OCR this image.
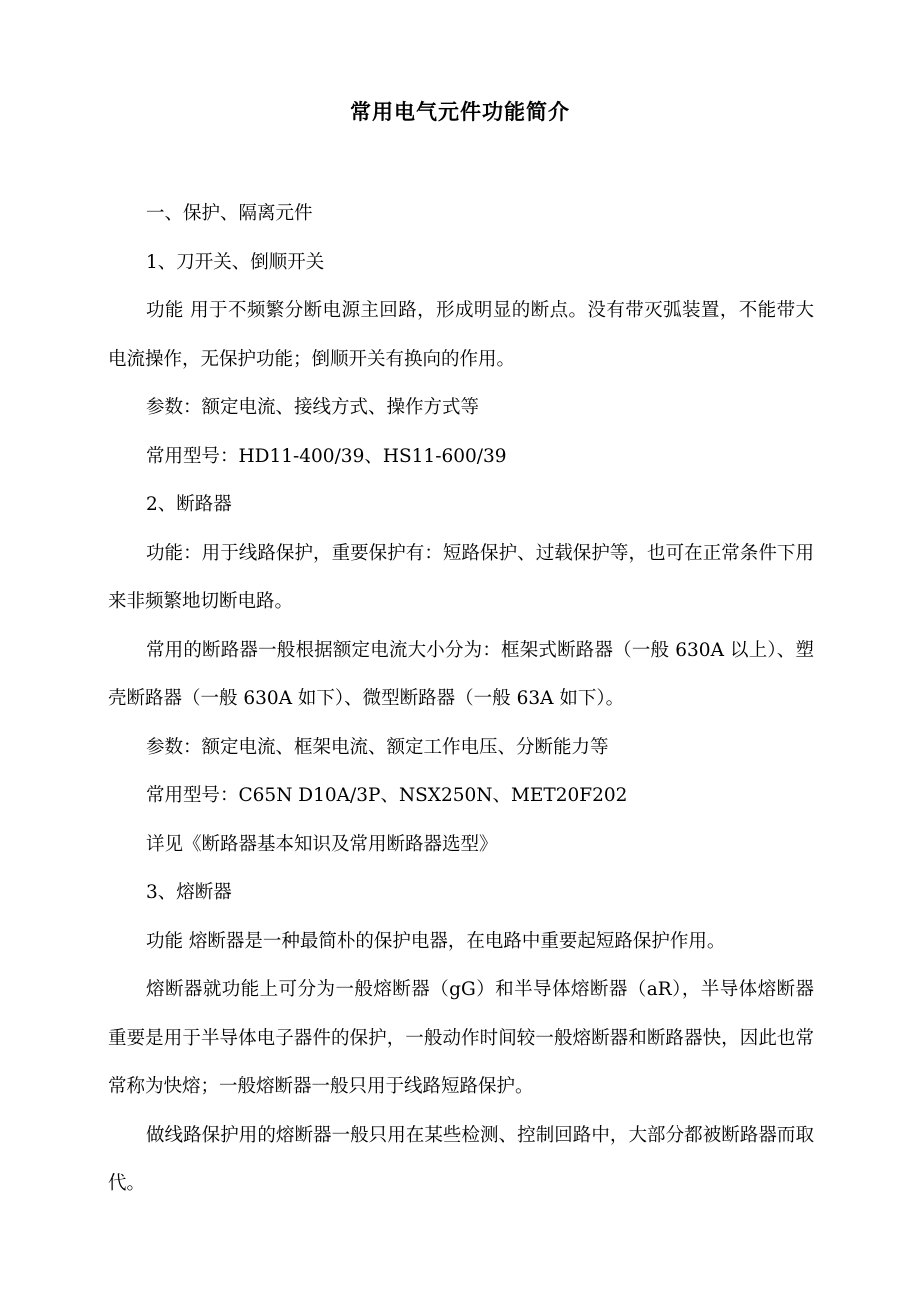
常用电气元件功能简介

一、保护、隔离元件

1、刀开关、倒顺开关

功能 用于不频繁分断电源主回路，形成明显的断点。没有带灭弧装置，不能带大电流操作，无保护功能；倒顺开关有换向的作用。

参数：额定电流、接线方式、操作方式等

常用型号：HD11-400/39、HS11-600/39

2、断路器

功能：用于线路保护，重要保护有：短路保护、过载保护等，也可在正常条件下用来非频繁地切断电路。

常用的断路器一般根据额定电流大小分为：框架式断路器（一般 630A 以上）、塑壳断路器（一般 630A 如下）、微型断路器（一般 63A 如下）。

参数：额定电流、框架电流、额定工作电压、分断能力等

常用型号：C65N D10A/3P、NSX250N、MET20F202

详见《断路器基本知识及常用断路器选型》

3、熔断器

功能 熔断器是一种最简朴的保护电器，在电路中重要起短路保护作用。

熔断器就功能上可分为一般熔断器（gG）和半导体熔断器（aR），半导体熔断器重要是用于半导体电子器件的保护，一般动作时间较一般熔断器和断路器快，因此也常常称为快熔；一般熔断器一般只用于线路短路保护。

做线路保护用的熔断器一般只用在某些检测、控制回路中，大部分都被断路器而取代。
